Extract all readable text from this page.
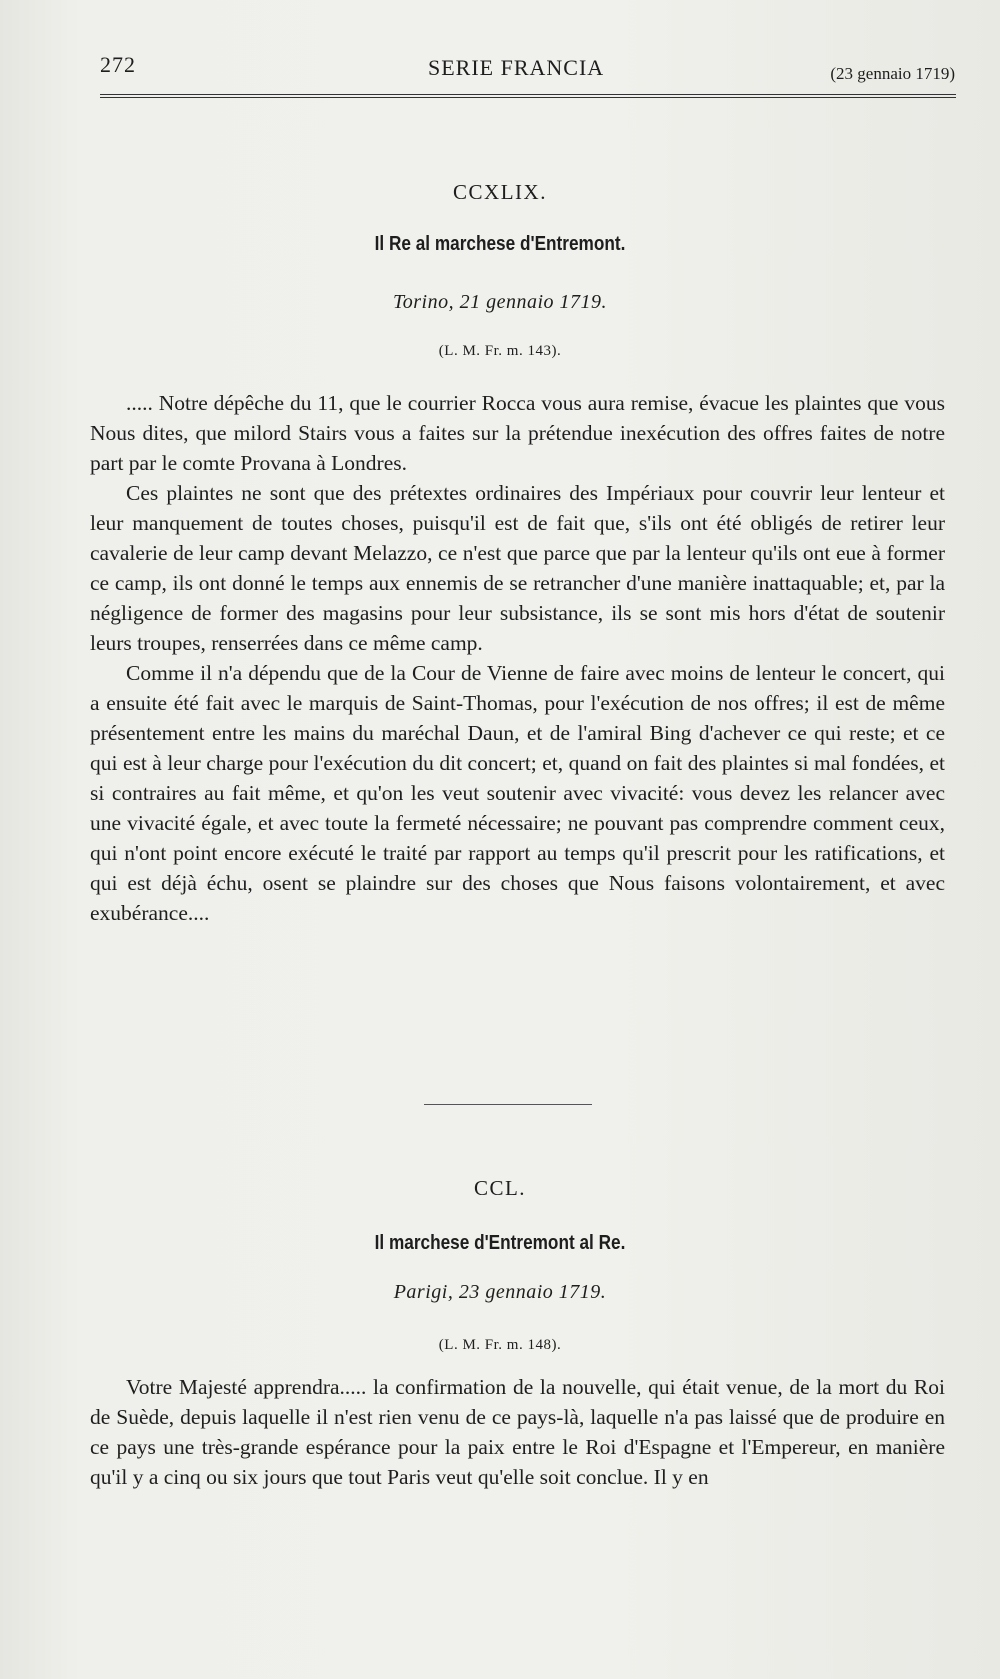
272	SERIE FRANCIA	(23 gennaio 1719)
CCXLIX.
Il Re al marchese d'Entremont.
Torino, 21 gennaio 1719.
(L. M. Fr. m. 143).

..... Notre dépêche du 11, que le courrier Rocca vous aura remise, évacue les plaintes que vous Nous dites, que milord Stairs vous a faites sur la prétendue inexécution des offres faites de notre part par le comte Provana à Londres.

Ces plaintes ne sont que des prétextes ordinaires des Impériaux pour couvrir leur lenteur et leur manquement de toutes choses, puisqu'il est de fait que, s'ils ont été obligés de retirer leur cavalerie de leur camp devant Melazzo, ce n'est que parce que par la lenteur qu'ils ont eue à former ce camp, ils ont donné le temps aux ennemis de se retrancher d'une manière inattaquable; et, par la négligence de former des magasins pour leur subsistance, ils se sont mis hors d'état de soutenir leurs troupes, renserrées dans ce même camp.

Comme il n'a dépendu que de la Cour de Vienne de faire avec moins de lenteur le concert, qui a ensuite été fait avec le marquis de Saint-Thomas, pour l'exécution de nos offres; il est de même présentement entre les mains du maréchal Daun, et de l'amiral Bing d'achever ce qui reste; et ce qui est à leur charge pour l'exécution du dit concert; et, quand on fait des plaintes si mal fondées, et si contraires au fait même, et qu'on les veut soutenir avec vivacité: vous devez les relancer avec une vivacité égale, et avec toute la fermeté nécessaire; ne pouvant pas comprendre comment ceux, qui n'ont point encore exécuté le traité par rapport au temps qu'il prescrit pour les ratifications, et qui est déjà échu, osent se plaindre sur des choses que Nous faisons volontairement, et avec exubérance....

CCL.
Il marchese d'Entremont al Re.
Parigi, 23 gennaio 1719.
(L. M. Fr. m. 148).

Votre Majesté apprendra..... la confirmation de la nouvelle, qui était venue, de la mort du Roi de Suède, depuis laquelle il n'est rien venu de ce pays-là, laquelle n'a pas laissé que de produire en ce pays une très-grande espérance pour la paix entre le Roi d'Espagne et l'Empereur, en manière qu'il y a cinq ou six jours que tout Paris veut qu'elle soit conclue. Il y en
